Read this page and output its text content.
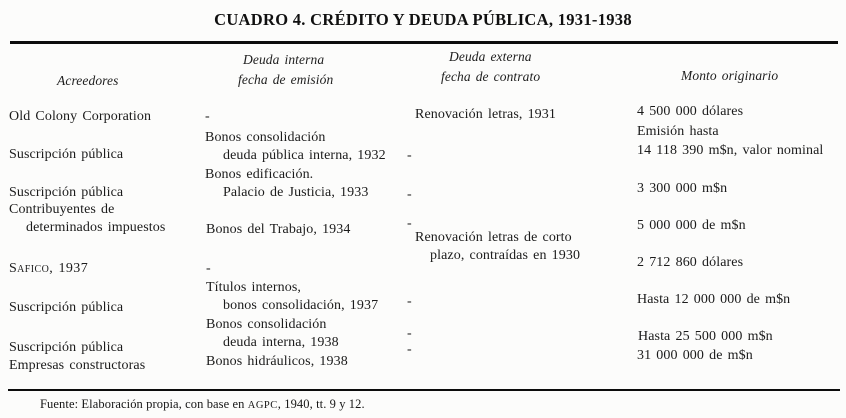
CUADRO 4. CRÉDITO Y DEUDA PÚBLICA, 1931-1938
Acreedores
Deuda interna
fecha de emisión
Deuda externa
fecha de contrato	Monto originario
Old Colony Corporation
Suscripción pública
Suscripción pública
Contribuyentes de
determinados impuestos
Safico, 1937
Suscripción pública
Suscripción pública
Empresas constructoras
-
Bonos consolidación
deuda pública interna, 1932
Bonos edificación.
Palacio de Justicia, 1933
Bonos del Trabajo, 1934
-
Títulos internos,
bonos consolidación, 1937
Bonos consolidación
deuda interna, 1938
Bonos hidráulicos, 1938
Renovación letras, 1931
-
-
-
Renovación letras de corto
plazo, contraídas en 1930
-
-
-
4 500 000 dólares
Emisión hasta
14 118 390 m$n, valor nominal
3 300 000 m$n
5 000 000 de m$n
2 712 860 dólares
Hasta 12 000 000 de m$n
Hasta 25 500 000 m$n
31 000 000 de m$n
Fuente: Elaboración propia, con base en AGPC, 1940, tt. 9 y 12.
